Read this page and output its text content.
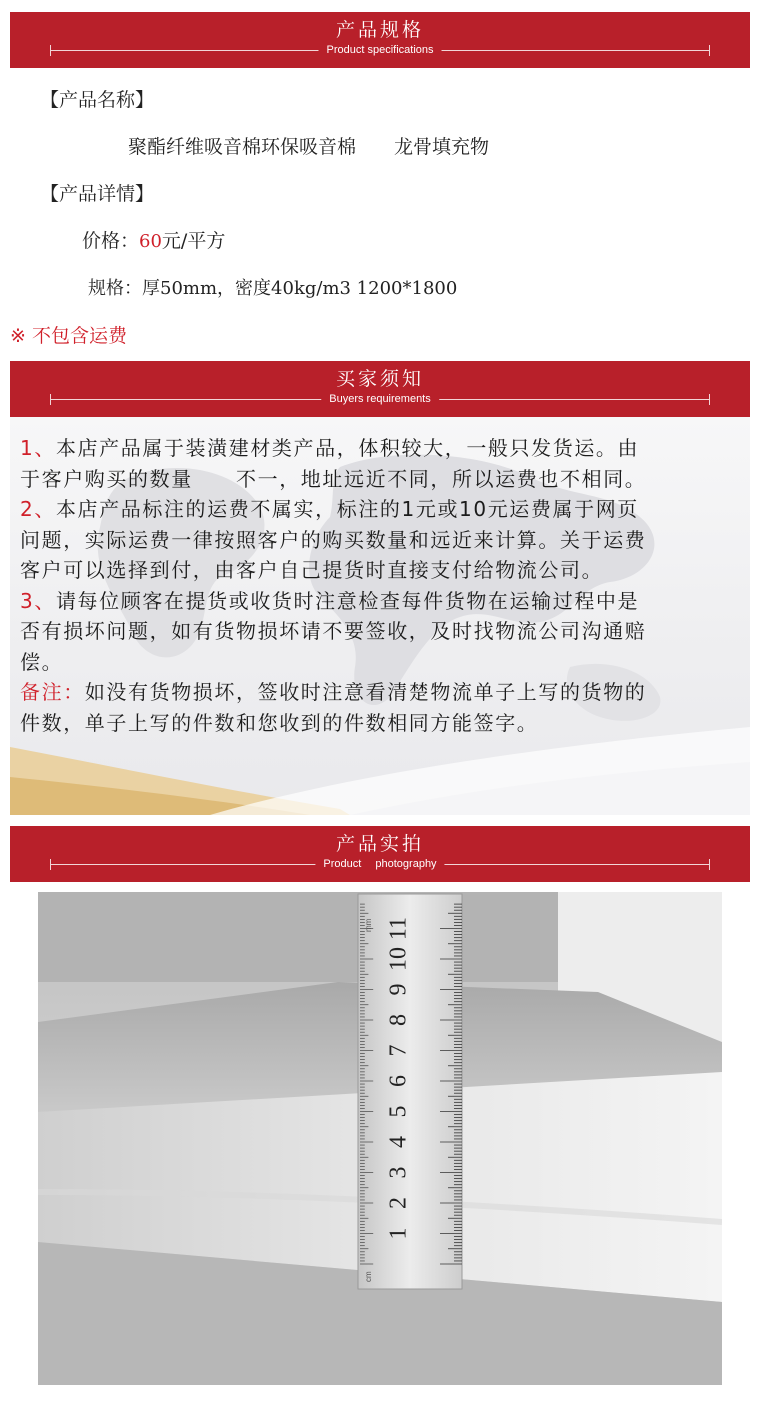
产品规格
Product specifications
【产品名称】
聚酯纤维吸音棉环保吸音棉　　龙骨填充物
【产品详情】
价格：60元/平方
规格：厚50mm，密度40kg/m3 1200*1800
※ 不包含运费
买家须知
Buyers requirements
1、本店产品属于装潢建材类产品，体积较大，一般只发货运。由
于客户购买的数量　　不一，地址远近不同，所以运费也不相同。
2、本店产品标注的运费不属实，标注的1元或10元运费属于网页
问题，实际运费一律按照客户的购买数量和远近来计算。关于运费
客户可以选择到付，由客户自己提货时直接支付给物流公司。
3、请每位顾客在提货或收货时注意检查每件货物在运输过程中是
否有损坏问题，如有货物损坏请不要签收，及时找物流公司沟通赔
偿。
备注：如没有货物损坏，签收时注意看清楚物流单子上写的货物的
件数，单子上写的件数和您收到的件数相同方能签字。
产品实拍
Product　 photography
1
2
3
4
5
6
7
8
9
10
11
mm
cm
